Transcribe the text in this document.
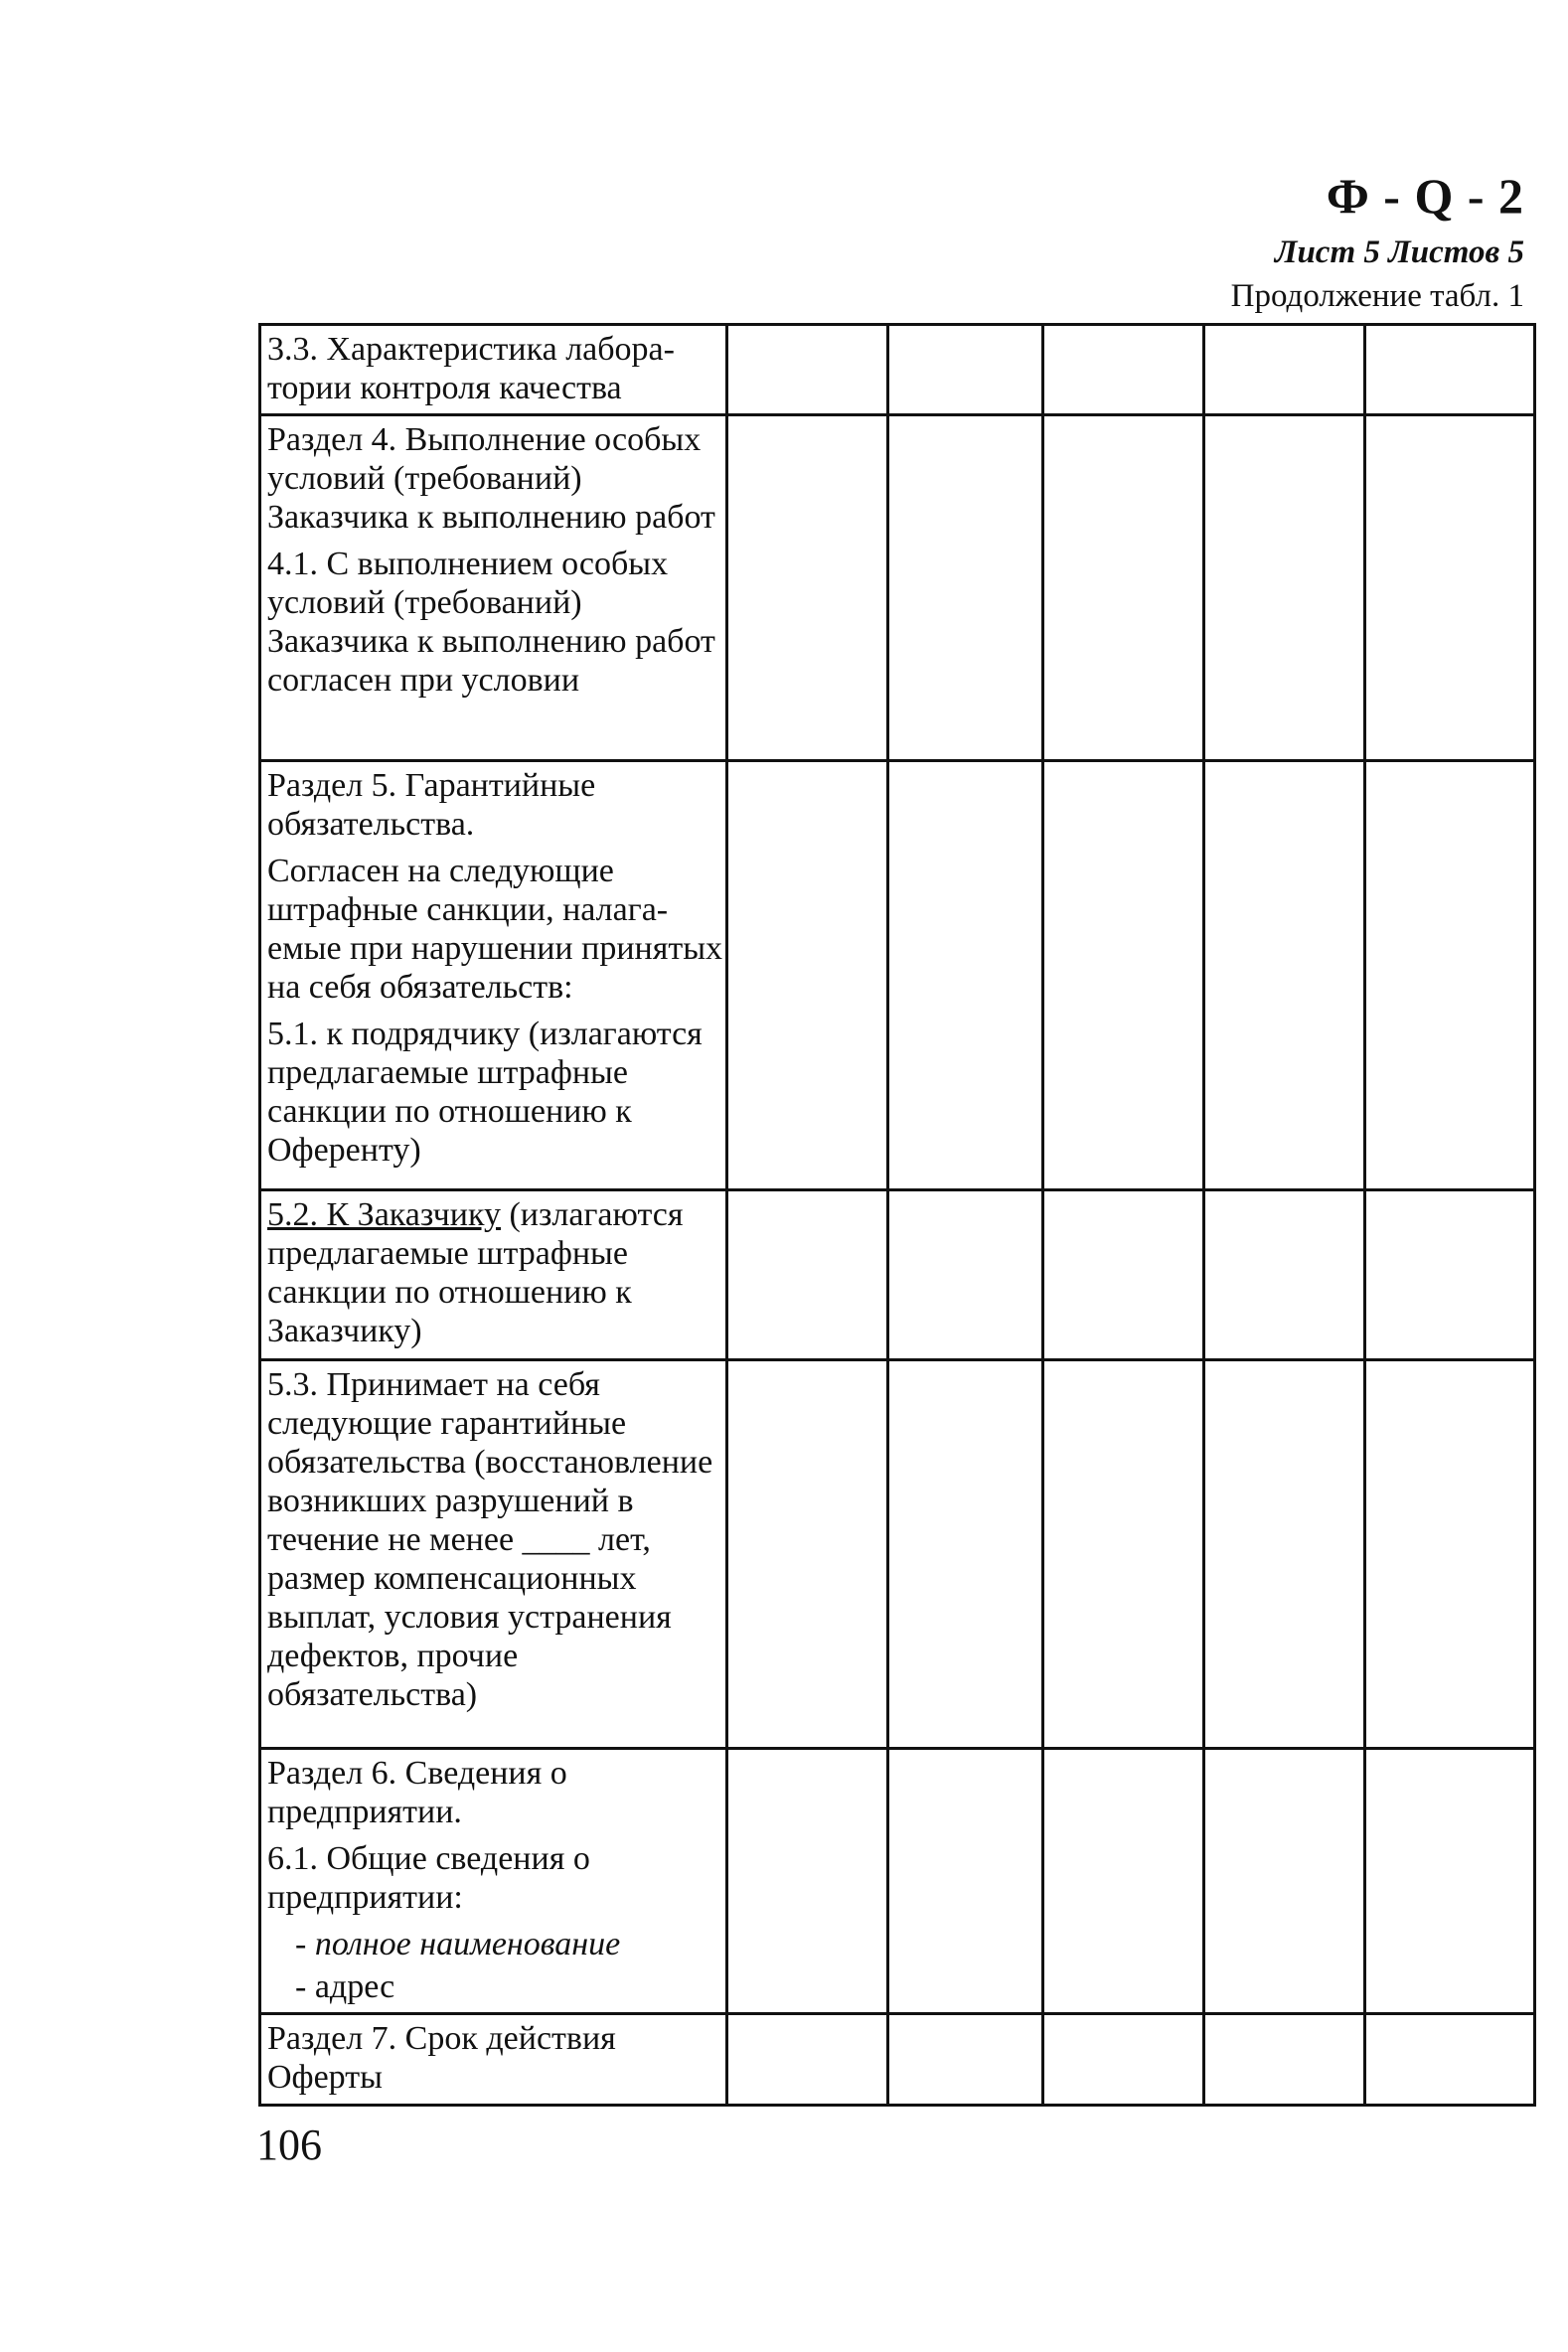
Ф - Q - 2
Лист 5 Листов 5
Продолжение табл. 1

3.3. Характеристика лаборатории контроля качества					

Раздел 4. Выполнение особых условий (требований) Заказчика к выполнению работ

4.1. С выполнением особых условий (требований) Заказчика к выполнению работ согласен при условии					

Раздел 5. Гарантийные обязательства.

Согласен на следующие штрафные санкции, налагаемые при нарушении принятых на себя обязательств:

5.1. к подрядчику (излагаются предлагаемые штрафные санкции по отношению к Оференту)					

5.2. К Заказчику (излагаются предлагаемые штрафные санкции по отношению к Заказчику)					

5.3. Принимает на себя следующие гарантийные обязательства (восстановление возникших разрушений в течение не менее ____ лет, размер компенсационных выплат, условия устранения дефектов, прочие обязательства)					

Раздел 6. Сведения о предприятии.

6.1. Общие сведения о предприятии:

- полное наименование

- адрес					

Раздел 7. Срок действия Оферты					

106
